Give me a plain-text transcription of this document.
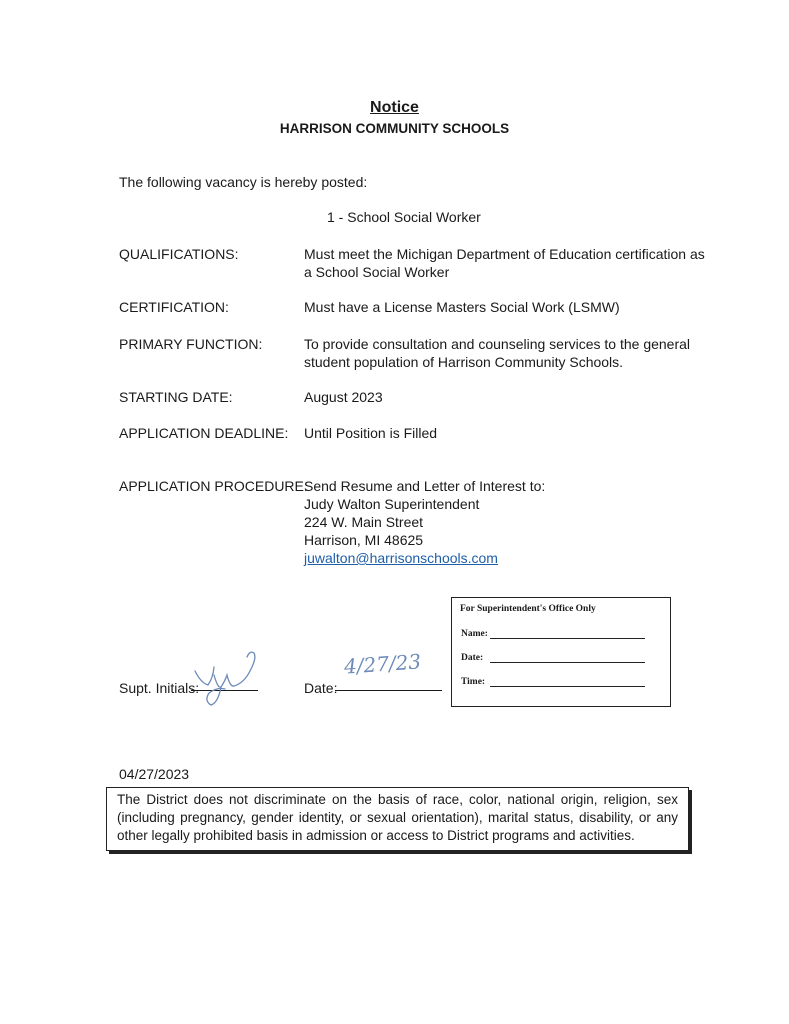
Notice
HARRISON COMMUNITY SCHOOLS
The following vacancy is hereby posted:
1 - School Social Worker
QUALIFICATIONS:	Must meet the Michigan Department of Education certification as
a School Social Worker
CERTIFICATION:	Must have a License Masters Social Work (LSMW)
PRIMARY FUNCTION:	To provide consultation and counseling services to the general
student population of Harrison Community Schools.
STARTING DATE:	August 2023
APPLICATION DEADLINE: Until Position is Filled
APPLICATION PROCEDURE:
Send Resume and Letter of Interest to:
Judy Walton Superintendent
224 W. Main Street
Harrison, MI 48625
juwalton@harrisonschools.com
Supt. Initials:	Date:
4/27/23
For Superintendent's Office Only
Name:
Date:
Time:
04/27/2023
The District does not discriminate on the basis of race, color, national origin, religion, sex (including pregnancy, gender identity, or sexual orientation), marital status, disability, or any other legally prohibited basis in admission or access to District programs and activities.
